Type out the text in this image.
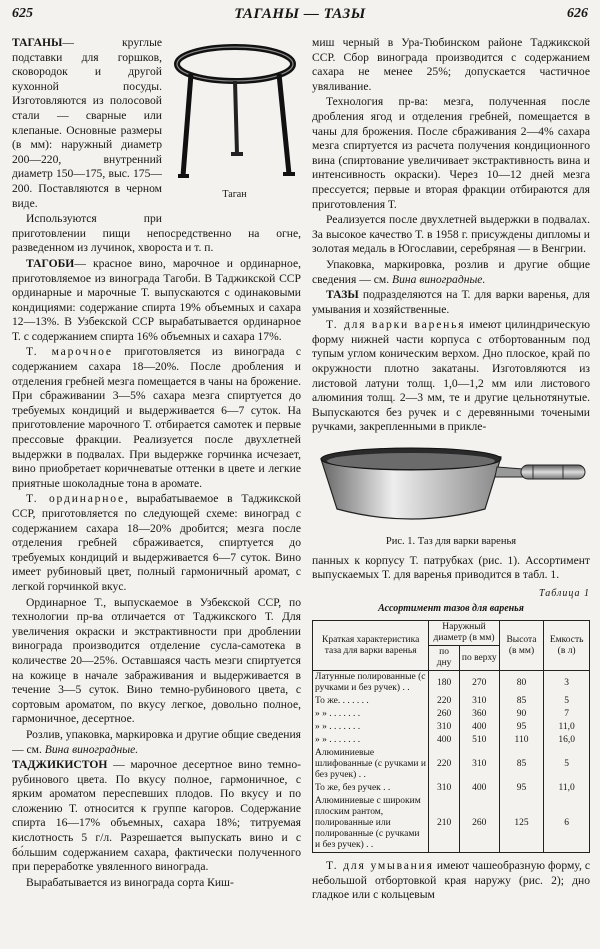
625	ТАГАНЫ — ТАЗЫ	626
Таган

ТАГАНЫ— круглые подставки для горшков, сковородок и другой кухонной посуды. Изготовляются из полосовой стали — сварные или клепаные. Основные размеры (в мм): наружный диаметр 200—220, внутренний диаметр 150—175, выс. 175—200. Поставляются в черном виде.

Используются при приготовлении пищи непосредственно на огне, разведенном из лучинок, хвороста и т. п.

ТАГОБИ— красное вино, марочное и ординарное, приготовляемое из винограда Тагоби. В Таджикской ССР ординарные и марочные Т. выпускаются с одинаковыми кондициями: содержание спирта 19% объемных и сахара 12—13%. В Узбекской ССР вырабатывается ординарное Т. с содержанием спирта 16% объемных и сахара 17%.

Т. марочное приготовляется из винограда с содержанием сахара 18—20%. После дробления и отделения гребней мезга помещается в чаны на брожение. При сбраживании 3—5% сахара мезга спиртуется до требуемых кондиций и выдерживается 6—7 суток. На приготовление марочного Т. отбирается самотек и первые прессовые фракции. Реализуется после двухлетней выдержки в подвалах. При выдержке горчинка исчезает, вино приобретает коричневатые оттенки в цвете и легкие приятные шоколадные тона в аромате.

Т. ординарное, вырабатываемое в Таджикской ССР, приготовляется по следующей схеме: виноград с содержанием сахара 18—20% дробится; мезга после отделения гребней сбраживается, спиртуется до требуемых кондиций и выдерживается 6—7 суток. Вино имеет рубиновый цвет, полный гармоничный аромат, с легкой горчинкой вкус.

Ординарное Т., выпускаемое в Узбекской ССР, по технологии пр-ва отличается от Таджикского Т. Для увеличения окраски и экстрактивности при дроблении винограда производится отделение сусла-самотека в количестве 20—25%. Оставшаяся часть мезги спиртуется на кожице в начале забраживания и выдерживается в течение 3—5 суток. Вино темно-рубинового цвета, с сортовым ароматом, по вкусу легкое, довольно полное, гармоничное, десертное.

Розлив, упаковка, маркировка и другие общие сведения — см. Вина виноградные.

ТАДЖИКИСТОН — марочное десертное вино темно-рубинового цвета. По вкусу полное, гармоничное, с ярким ароматом переспевших плодов. По вкусу и по сложению Т. относится к группе кагоров. Содержание спирта 16—17% объемных, сахара 18%; титруемая кислотность 5 г/л. Разрешается выпускать вино и с бо́льшим содержанием сахара, фактически полученного при переработке увяленного винограда.

Вырабатывается из винограда сорта Киш-

миш черный в Ура-Тюбинском районе Таджикской ССР. Сбор винограда производится с содержанием сахара не менее 25%; допускается частичное увяливание.

Технология пр-ва: мезга, полученная после дробления ягод и отделения гребней, помещается в чаны для брожения. После сбраживания 2—4% сахара мезга спиртуется из расчета получения кондиционного вина (спиртование увеличивает экстрактивность вина и интенсивность окраски). Через 10—12 дней мезга прессуется; первые и вторая фракции отбираются для приготовления Т.

Реализуется после двухлетней выдержки в подвалах. За высокое качество Т. в 1958 г. присуждены дипломы и золотая медаль в Югославии, серебряная — в Венгрии.

Упаковка, маркировка, розлив и другие общие сведения — см. Вина виноградные.

ТАЗЫ подразделяются на Т. для варки варенья, для умывания и хозяйственные.

Т. для варки варенья имеют цилиндрическую форму нижней части корпуса с отбортованным под тупым углом коническим верхом. Дно плоское, край по окружности плотно закатаны. Изготовляются из листовой латуни толщ. 1,0—1,2 мм или листового алюминия толщ. 2—3 мм, те и другие цельнотянутые. Выпускаются без ручек и с деревянными точеными ручками, закрепленными в прикле-

Рис. 1. Таз для варки варенья

панных к корпусу Т. патрубках (рис. 1). Ассортимент выпускаемых Т. для варенья приводится в табл. 1.

Таблица 1
Ассортимент тазов для варенья
Краткая характеристика таза для варки варенья	Наружный диаметр (в мм)		Высота (в мм)	Емкость (в л)
	по дну	по верху		
Латунные полированные (с ручками и без ручек) . .	180	270	80	3
То же. . . . . . .	220	310	85	5
» » . . . . . . .	260	360	90	7
» » . . . . . . .	310	400	95	11,0
» » . . . . . . .	400	510	110	16,0
Алюминиевые шлифованные (с ручками и без ручек) . .	220	310	85	5
То же, без ручек . .	310	400	95	11,0
Алюминиевые с широким плоским рантом, полированные или полированные (с ручками и без ручек) . .	210	260	125	6

Т. для умывания имеют чашеобразную форму, с небольшой отбортовкой края наружу (рис. 2); дно гладкое или с кольцевым
